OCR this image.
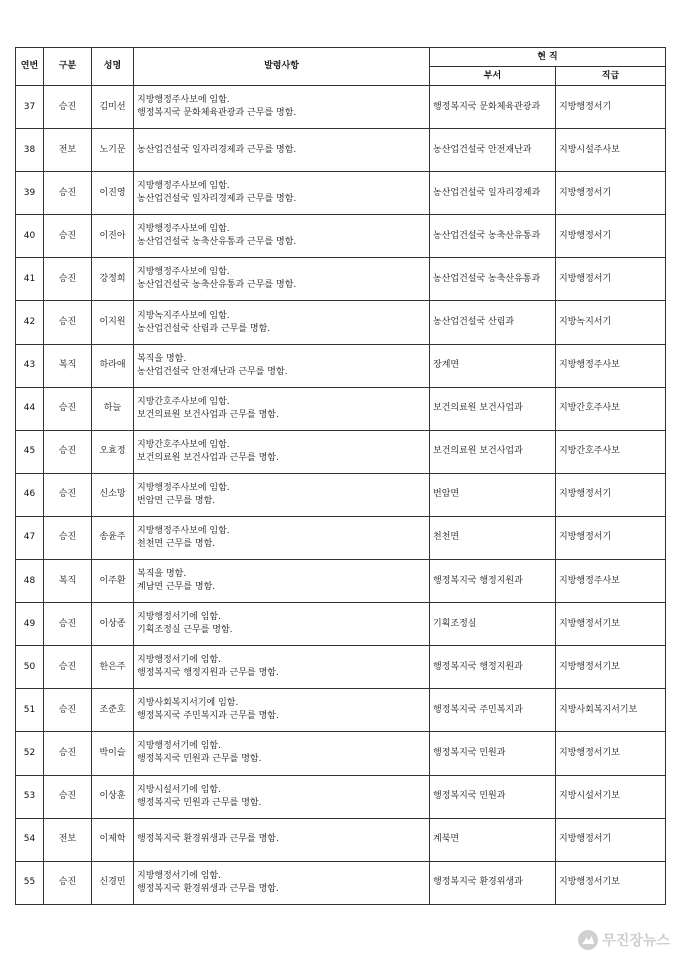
연번	구분	성명	발령사항	현 직	
				부서	직급
37	승진	김미선	지방행정주사보에 임함.
행정복지국 문화체육관광과 근무를 명함.	행정복지국 문화체육관광과	지방행정서기
38	전보	노기문	농산업건설국 일자리경제과 근무를 명함.	농산업건설국 안전재난과	지방시설주사보
39	승진	이진영	지방행정주사보에 임함.
농산업건설국 일자리경제과 근무를 명함.	농산업건설국 일자리경제과	지방행정서기
40	승진	이진아	지방행정주사보에 임함.
농산업건설국 농축산유통과 근무를 명함.	농산업건설국 농축산유통과	지방행정서기
41	승진	강정희	지방행정주사보에 임함.
농산업건설국 농축산유통과 근무를 명함.	농산업건설국 농축산유통과	지방행정서기
42	승진	이지원	지방녹지주사보에 임함.
농산업건설국 산림과 근무를 명함.	농산업건설국 산림과	지방녹지서기
43	복직	하라애	복직을 명함.
농산업건설국 안전재난과 근무를 명함.	장계면	지방행정주사보
44	승진	하늘	지방간호주사보에 임함.
보건의료원 보건사업과 근무를 명함.	보건의료원 보건사업과	지방간호주사보
45	승진	오효정	지방간호주사보에 임함.
보건의료원 보건사업과 근무를 명함.	보건의료원 보건사업과	지방간호주사보
46	승진	신소망	지방행정주사보에 임함.
번암면 근무를 명함.	번암면	지방행정서기
47	승진	송윤주	지방행정주사보에 임함.
천천면 근무를 명함.	천천면	지방행정서기
48	복직	이주환	복직을 명함.
계남면 근무를 명함.	행정복지국 행정지원과	지방행정주사보
49	승진	이상종	지방행정서기에 임함.
기획조정실 근무를 명함.	기획조정실	지방행정서기보
50	승진	한은주	지방행정서기에 임함.
행정복지국 행정지원과 근무를 명함.	행정복지국 행정지원과	지방행정서기보
51	승진	조준호	지방사회복지서기에 임함.
행정복지국 주민복지과 근무를 명함.	행정복지국 주민복지과	지방사회복지서기보
52	승진	박이슬	지방행정서기에 임함.
행정복지국 민원과 근무를 명함.	행정복지국 민원과	지방행정서기보
53	승진	이상훈	지방시설서기에 임함.
행정복지국 민원과 근무를 명함.	행정복지국 민원과	지방시설서기보
54	전보	이제학	행정복지국 환경위생과 근무를 명함.	계북면	지방행정서기
55	승진	신경민	지방행정서기에 임함.
행정복지국 환경위생과 근무를 명함.	행정복지국 환경위생과	지방행정서기보
무진장뉴스
